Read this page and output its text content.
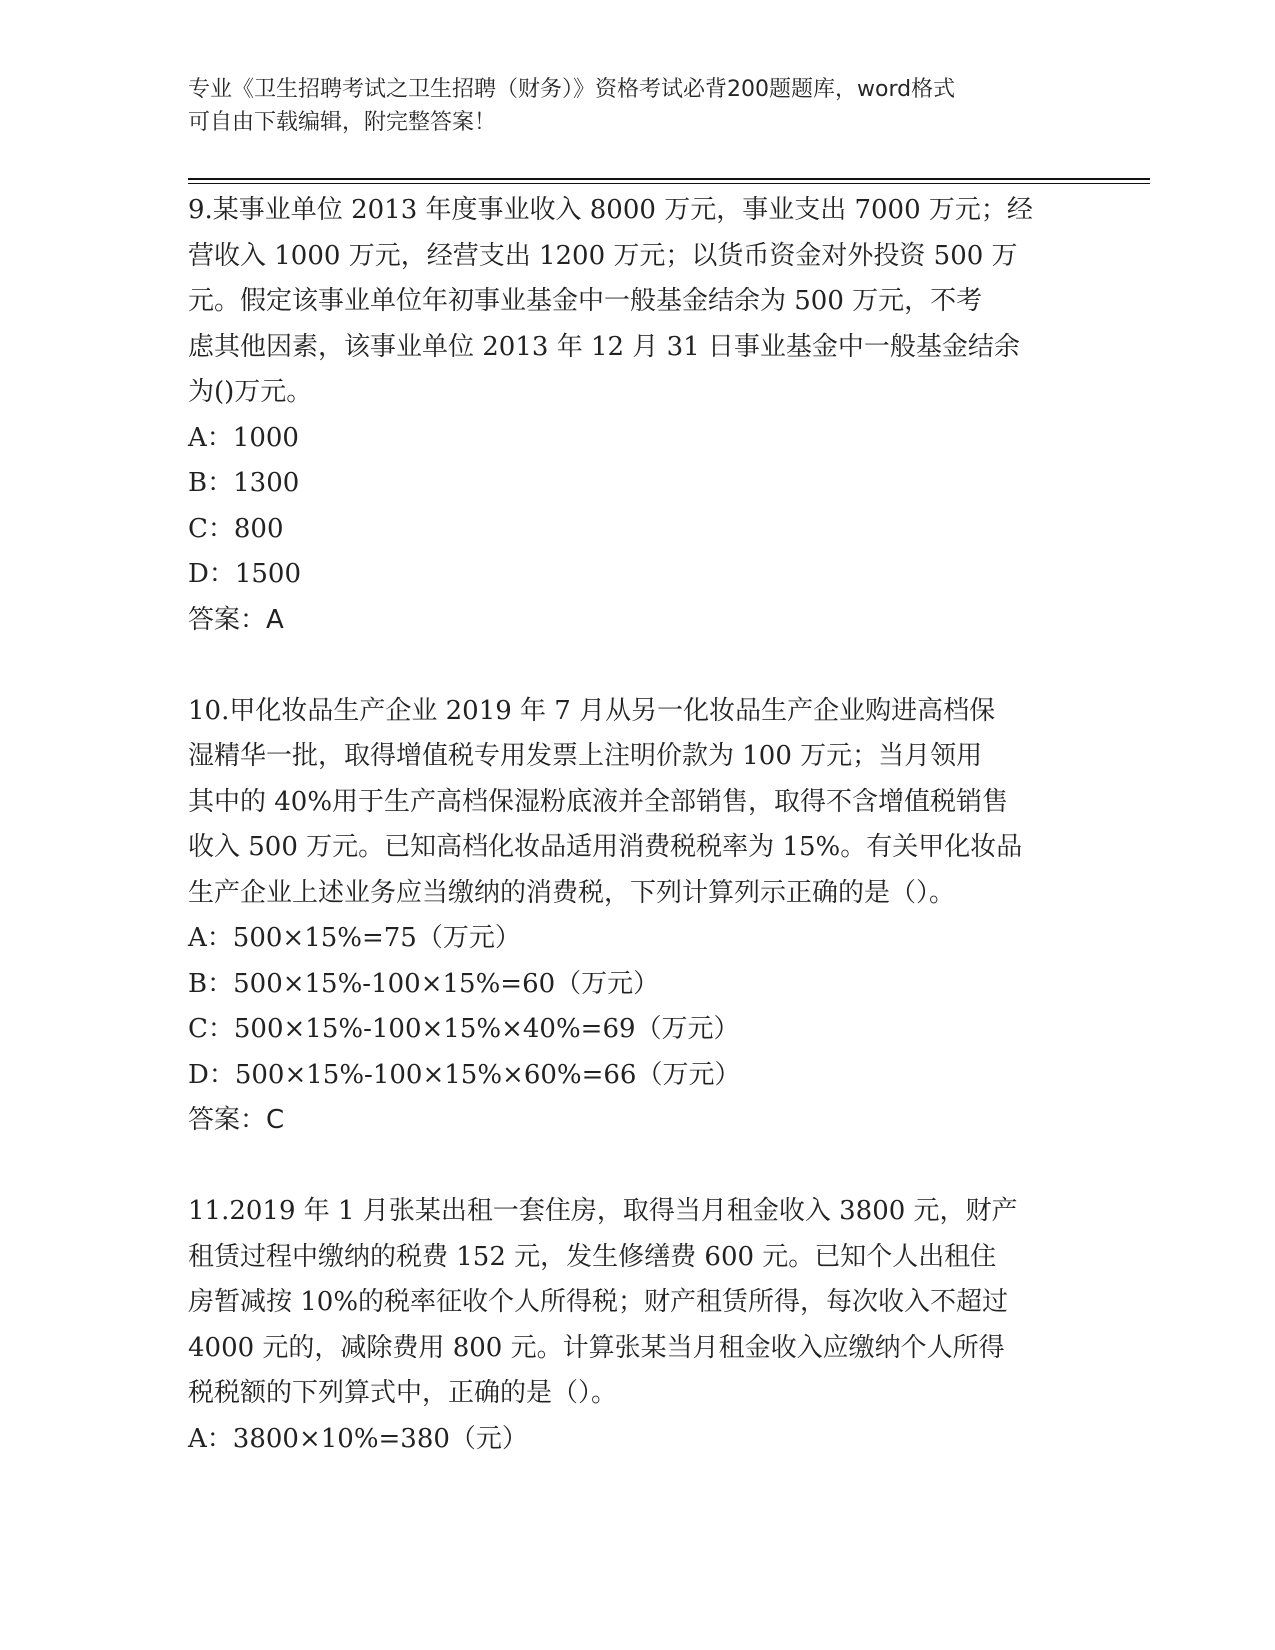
专业《卫生招聘考试之卫生招聘（财务）》资格考试必背200题题库，word格式
可自由下载编辑，附完整答案！
9.某事业单位 2013 年度事业收入 8000 万元，事业支出 7000 万元；经
营收入 1000 万元，经营支出 1200 万元；以货币资金对外投资 500 万
元。假定该事业单位年初事业基金中一般基金结余为 500 万元，不考
虑其他因素，该事业单位 2013 年 12 月 31 日事业基金中一般基金结余
为()万元。
A：1000
B：1300
C：800
D：1500
答案：A
10.甲化妆品生产企业 2019 年 7 月从另一化妆品生产企业购进高档保
湿精华一批，取得增值税专用发票上注明价款为 100 万元；当月领用
其中的 40%用于生产高档保湿粉底液并全部销售，取得不含增值税销售
收入 500 万元。已知高档化妆品适用消费税税率为 15%。有关甲化妆品
生产企业上述业务应当缴纳的消费税，下列计算列示正确的是（）。
A：500×15%=75（万元）
B：500×15%-100×15%=60（万元）
C：500×15%-100×15%×40%=69（万元）
D：500×15%-100×15%×60%=66（万元）
答案：C
11.2019 年 1 月张某出租一套住房，取得当月租金收入 3800 元，财产
租赁过程中缴纳的税费 152 元，发生修缮费 600 元。已知个人出租住
房暂减按 10%的税率征收个人所得税；财产租赁所得，每次收入不超过
4000 元的，减除费用 800 元。计算张某当月租金收入应缴纳个人所得
税税额的下列算式中，正确的是（）。
A：3800×10%=380（元）
